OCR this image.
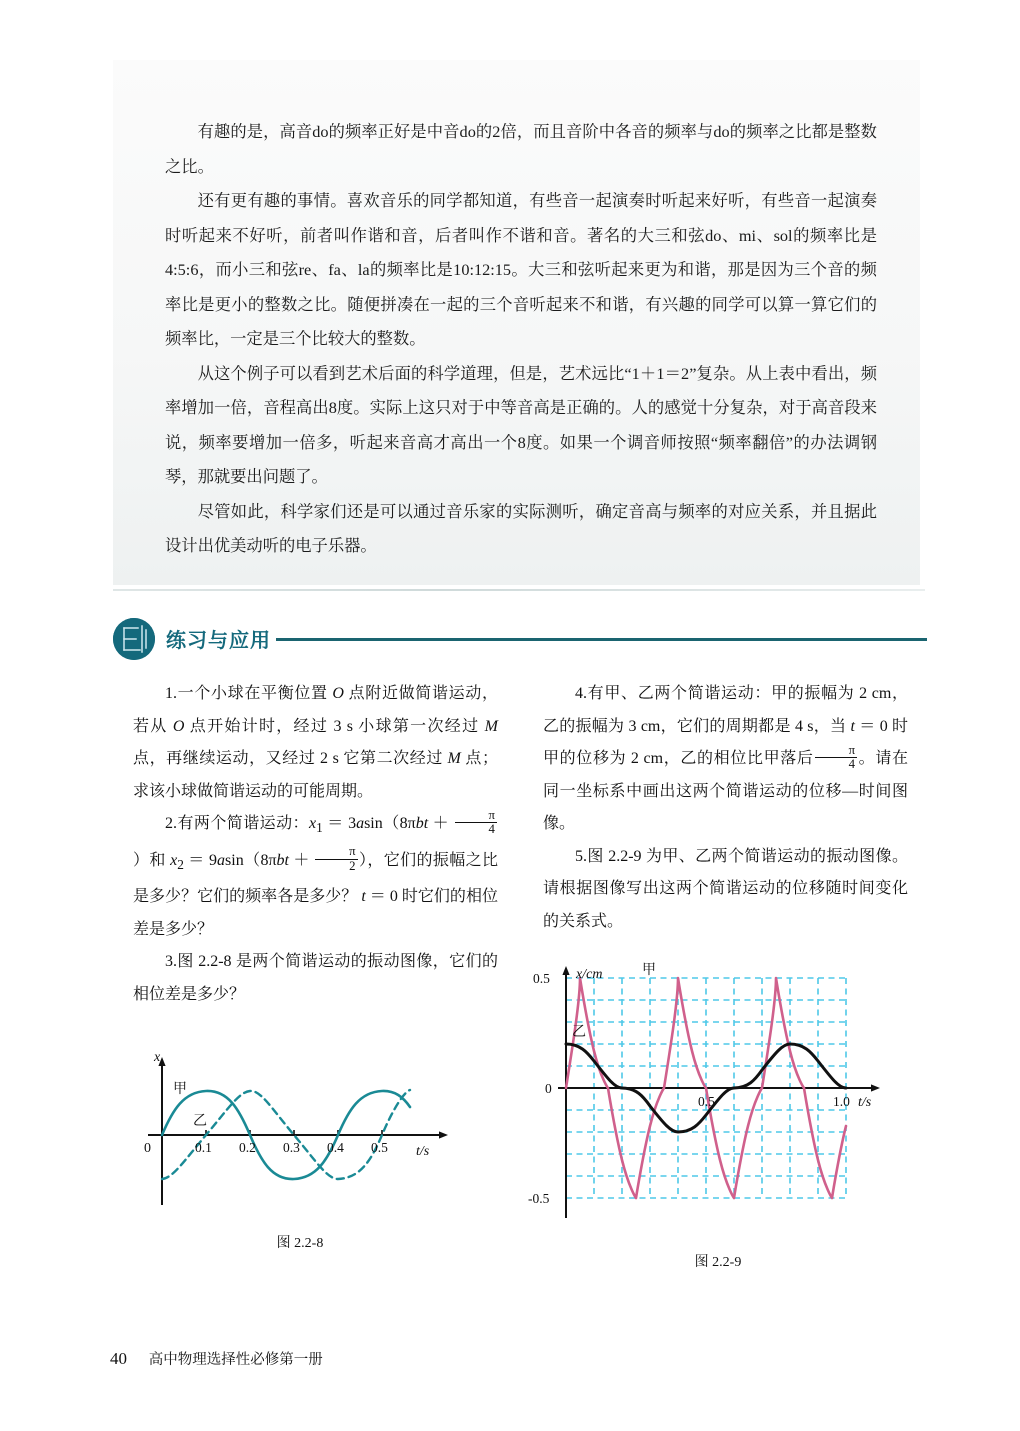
有趣的是，高音do的频率正好是中音do的2倍，而且音阶中各音的频率与do的频率之比都是整数之比。

还有更有趣的事情。喜欢音乐的同学都知道，有些音一起演奏时听起来好听，有些音一起演奏时听起来不好听，前者叫作谐和音，后者叫作不谐和音。著名的大三和弦do、mi、sol的频率比是4:5:6，而小三和弦re、fa、la的频率比是10:12:15。大三和弦听起来更为和谐，那是因为三个音的频率比是更小的整数之比。随便拼凑在一起的三个音听起来不和谐，有兴趣的同学可以算一算它们的频率比，一定是三个比较大的整数。

从这个例子可以看到艺术后面的科学道理，但是，艺术远比“1＋1＝2”复杂。从上表中看出，频率增加一倍，音程高出8度。实际上这只对于中等音高是正确的。人的感觉十分复杂，对于高音段来说，频率要增加一倍多，听起来音高才高出一个8度。如果一个调音师按照“频率翻倍”的办法调钢琴，那就要出问题了。

尽管如此，科学家们还是可以通过音乐家的实际测听，确定音高与频率的对应关系，并且据此设计出优美动听的电子乐器。

练习与应用

1.一个小球在平衡位置 O 点附近做简谐运动，若从 O 点开始计时，经过 3 s 小球第一次经过 M 点，再继续运动，又经过 2 s 它第二次经过 M 点；求该小球做简谐运动的可能周期。

2.有两个简谐运动：$x_1 = 3asin(8\pi bt + \frac{\pi}{4}$
）和 $x_2 = 9asin(8\pi bt + \frac{\pi}{2}$ ），它们的振幅之比是多少？它们的频率各是多少？ t ＝ 0 时它们的相位差是多少？

3.图 2.2-8 是两个简谐运动的振动图像，它们的相位差是多少？

4.有甲、乙两个简谐运动：甲的振幅为 2 cm，乙的振幅为 3 cm，它们的周期都是 4 s，当 t ＝ 0 时甲的位移为 2 cm，乙的相位比甲落后 $\frac{\pi}{4}$ 。请在同一坐标系中画出这两个简谐运动的位移—时间图像。

5.图 2.2-9 为甲、乙两个简谐运动的振动图像。请根据图像写出这两个简谐运动的位移随时间变化的关系式。

x
0	t/s
0.1 0.2 0.3 0.4 0.5
甲
乙
图 2.2-8
x/cm
0.5
0
-0.5
0.5	1.0 t/s
甲
乙
图 2.2-9
40 高中物理选择性必修第一册
